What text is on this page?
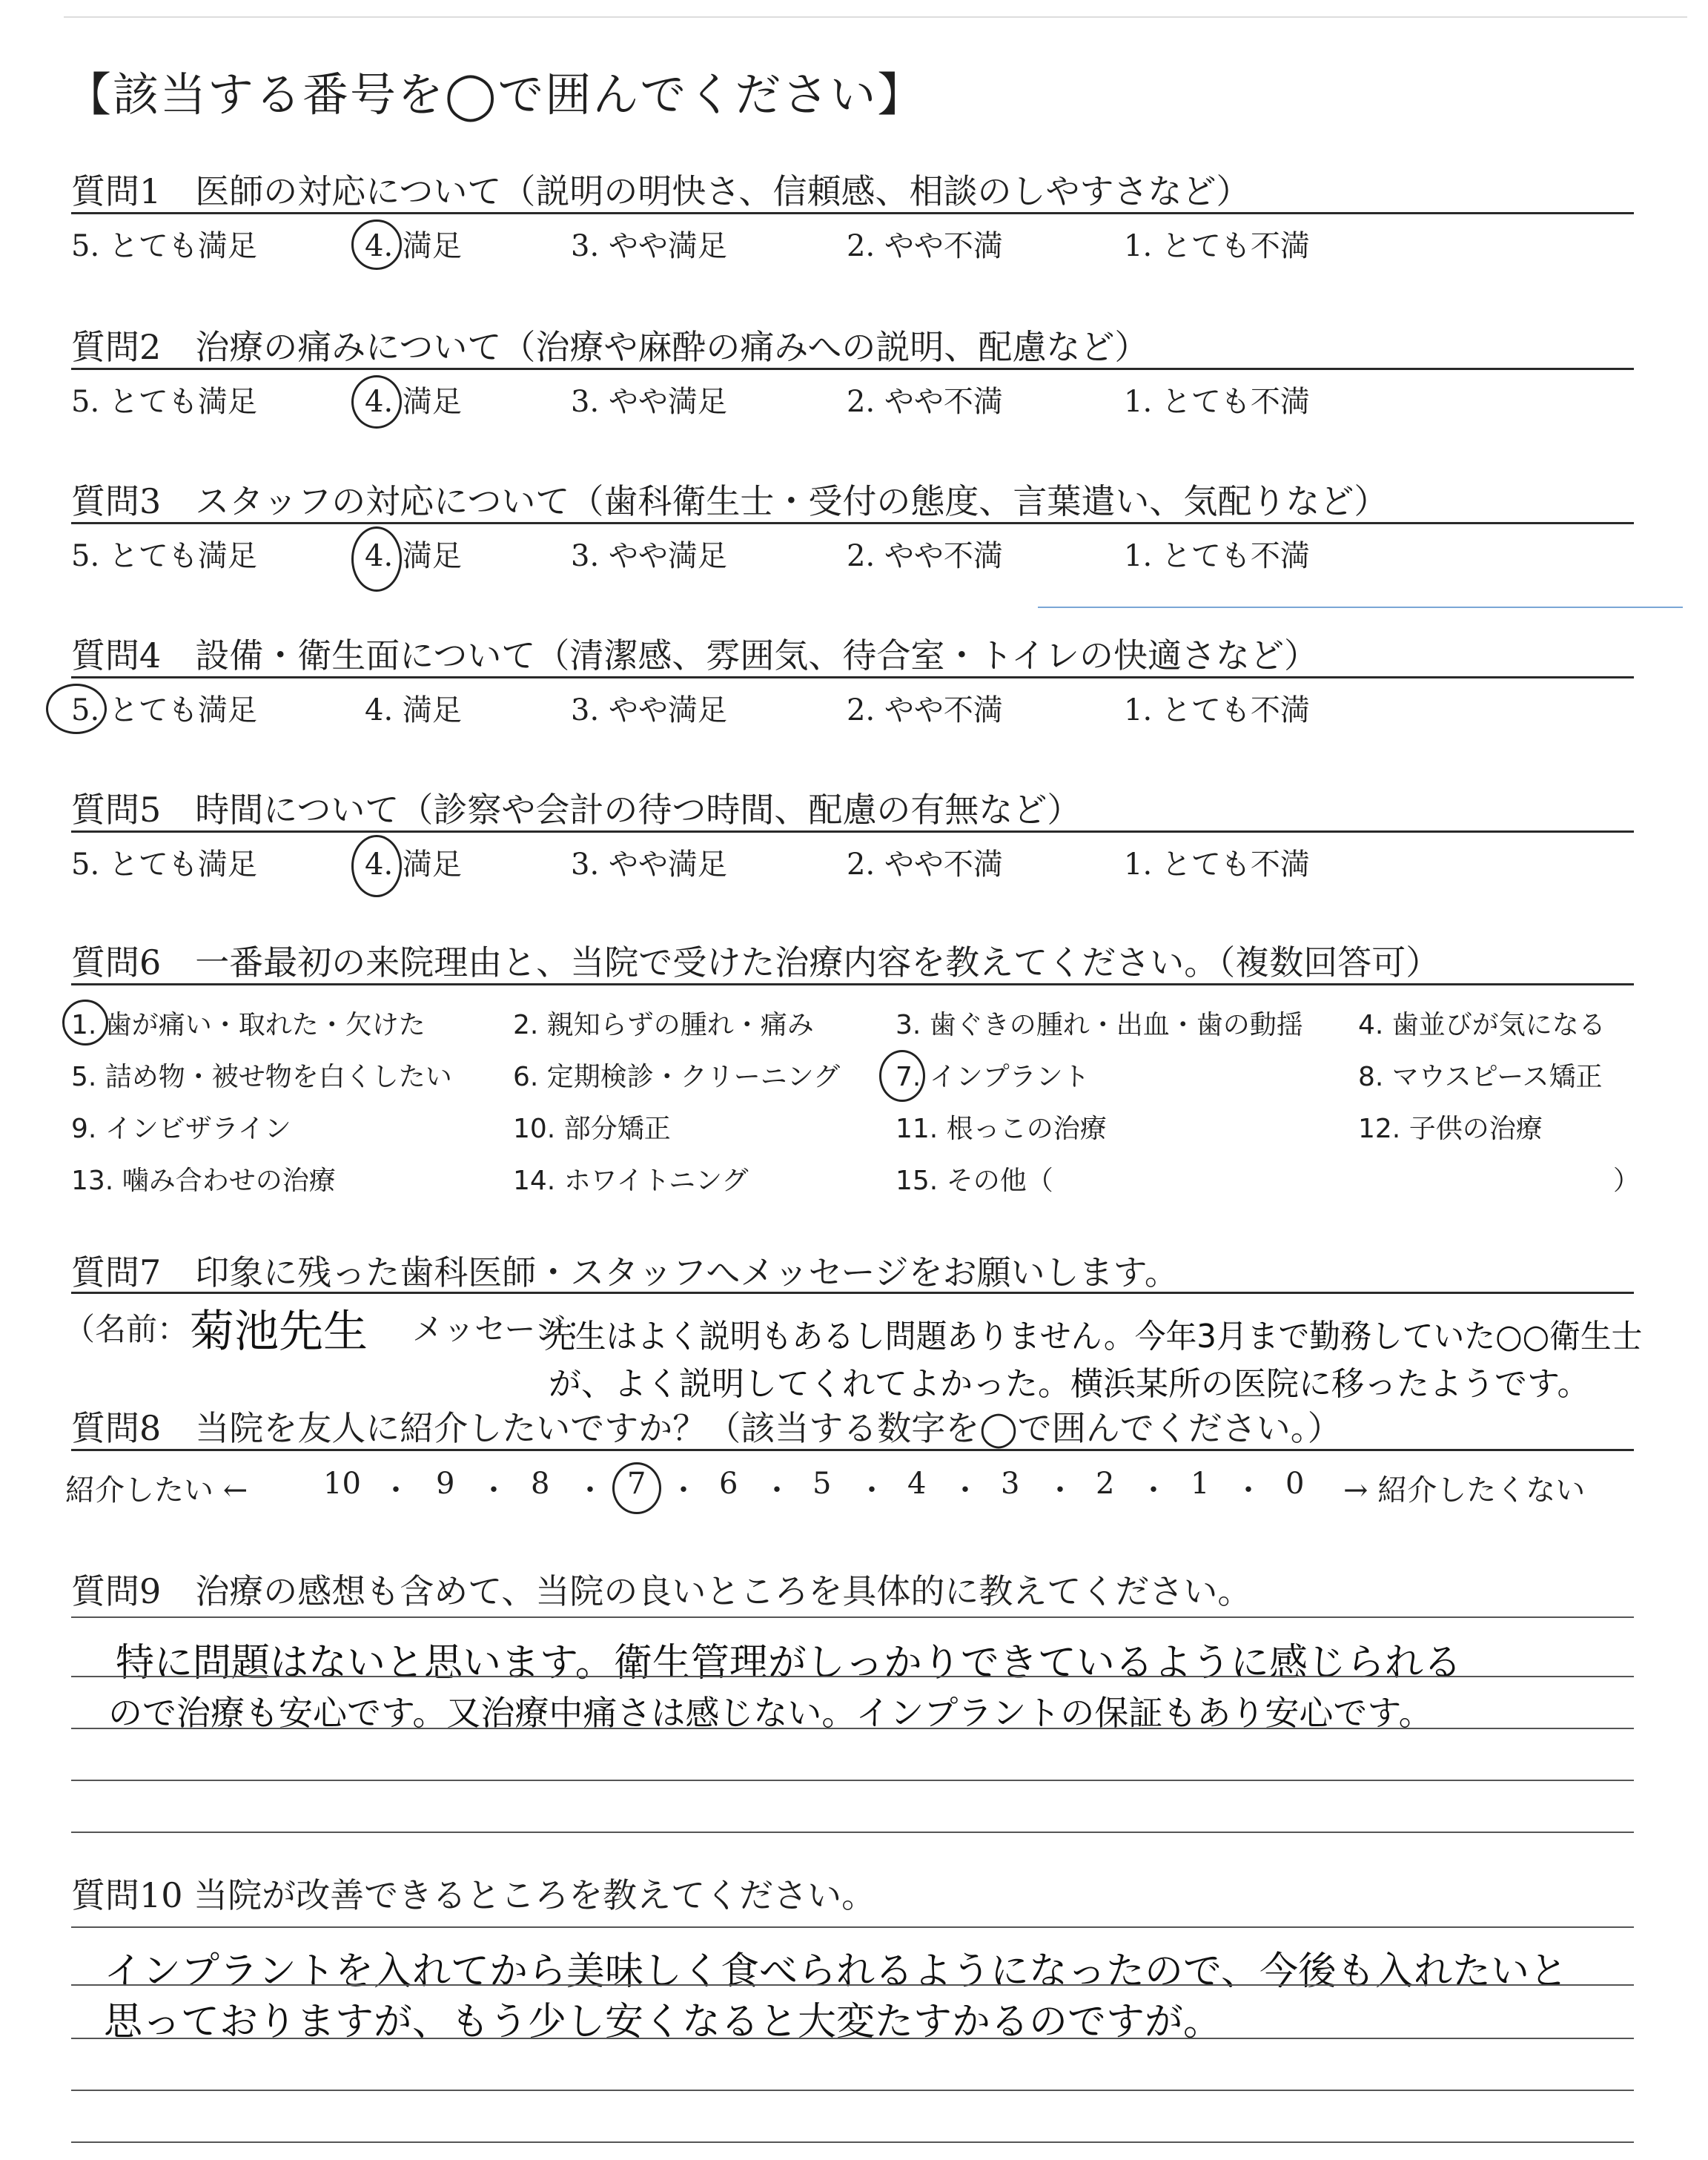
【該当する番号を◯で囲んでください】
質問1　医師の対応について（説明の明快さ、信頼感、相談のしやすさなど）
5. とても満足	4. 満足	3. やや満足	2. やや不満	1. とても不満
質問2　治療の痛みについて（治療や麻酔の痛みへの説明、配慮など）
5. とても満足	4. 満足	3. やや満足	2. やや不満	1. とても不満
質問3　スタッフの対応について（歯科衛生士・受付の態度、言葉遣い、気配りなど）
5. とても満足	4. 満足	3. やや満足	2. やや不満	1. とても不満
質問4　設備・衛生面について（清潔感、雰囲気、待合室・トイレの快適さなど）
5. とても満足	4. 満足	3. やや満足	2. やや不満	1. とても不満
質問5　時間について（診察や会計の待つ時間、配慮の有無など）
5. とても満足	4. 満足	3. やや満足	2. やや不満	1. とても不満
質問6　一番最初の来院理由と、当院で受けた治療内容を教えてください。（複数回答可）
1. 歯が痛い・取れた・欠けた	2. 親知らずの腫れ・痛み	3. 歯ぐきの腫れ・出血・歯の動揺 4. 歯並びが気になる
5. 詰め物・被せ物を白くしたい 6. 定期検診・クリーニング 7. インプラント	8. マウスピース矯正
9. インビザライン	10. 部分矯正	11. 根っこの治療	12. 子供の治療
13. 噛み合わせの治療	14. ホワイトニング	15. その他（	）
質問7　印象に残った歯科医師・スタッフへメッセージをお願いします。
（名前： 菊池先生 メッセージ：
先生はよく説明もあるし問題ありません。今年3月まで勤務していた○○衛生士
が、よく説明してくれてよかった。横浜某所の医院に移ったようです。
質問8　当院を友人に紹介したいですか？（該当する数字を◯で囲んでください。）
紹介したい ←	10	9	8	7 6	5	4	3	2	1	0 → 紹介したくない
・ ・ ・ ・ ・ ・ ・ ・ ・ ・
質問9　治療の感想も含めて、当院の良いところを具体的に教えてください。
特に問題はないと思います。衛生管理がしっかりできているように感じられる
ので治療も安心です。又治療中痛さは感じない。インプラントの保証もあり安心です。
質問10 当院が改善できるところを教えてください。
インプラントを入れてから美味しく食べられるようになったので、今後も入れたいと
思っておりますが、もう少し安くなると大変たすかるのですが。
